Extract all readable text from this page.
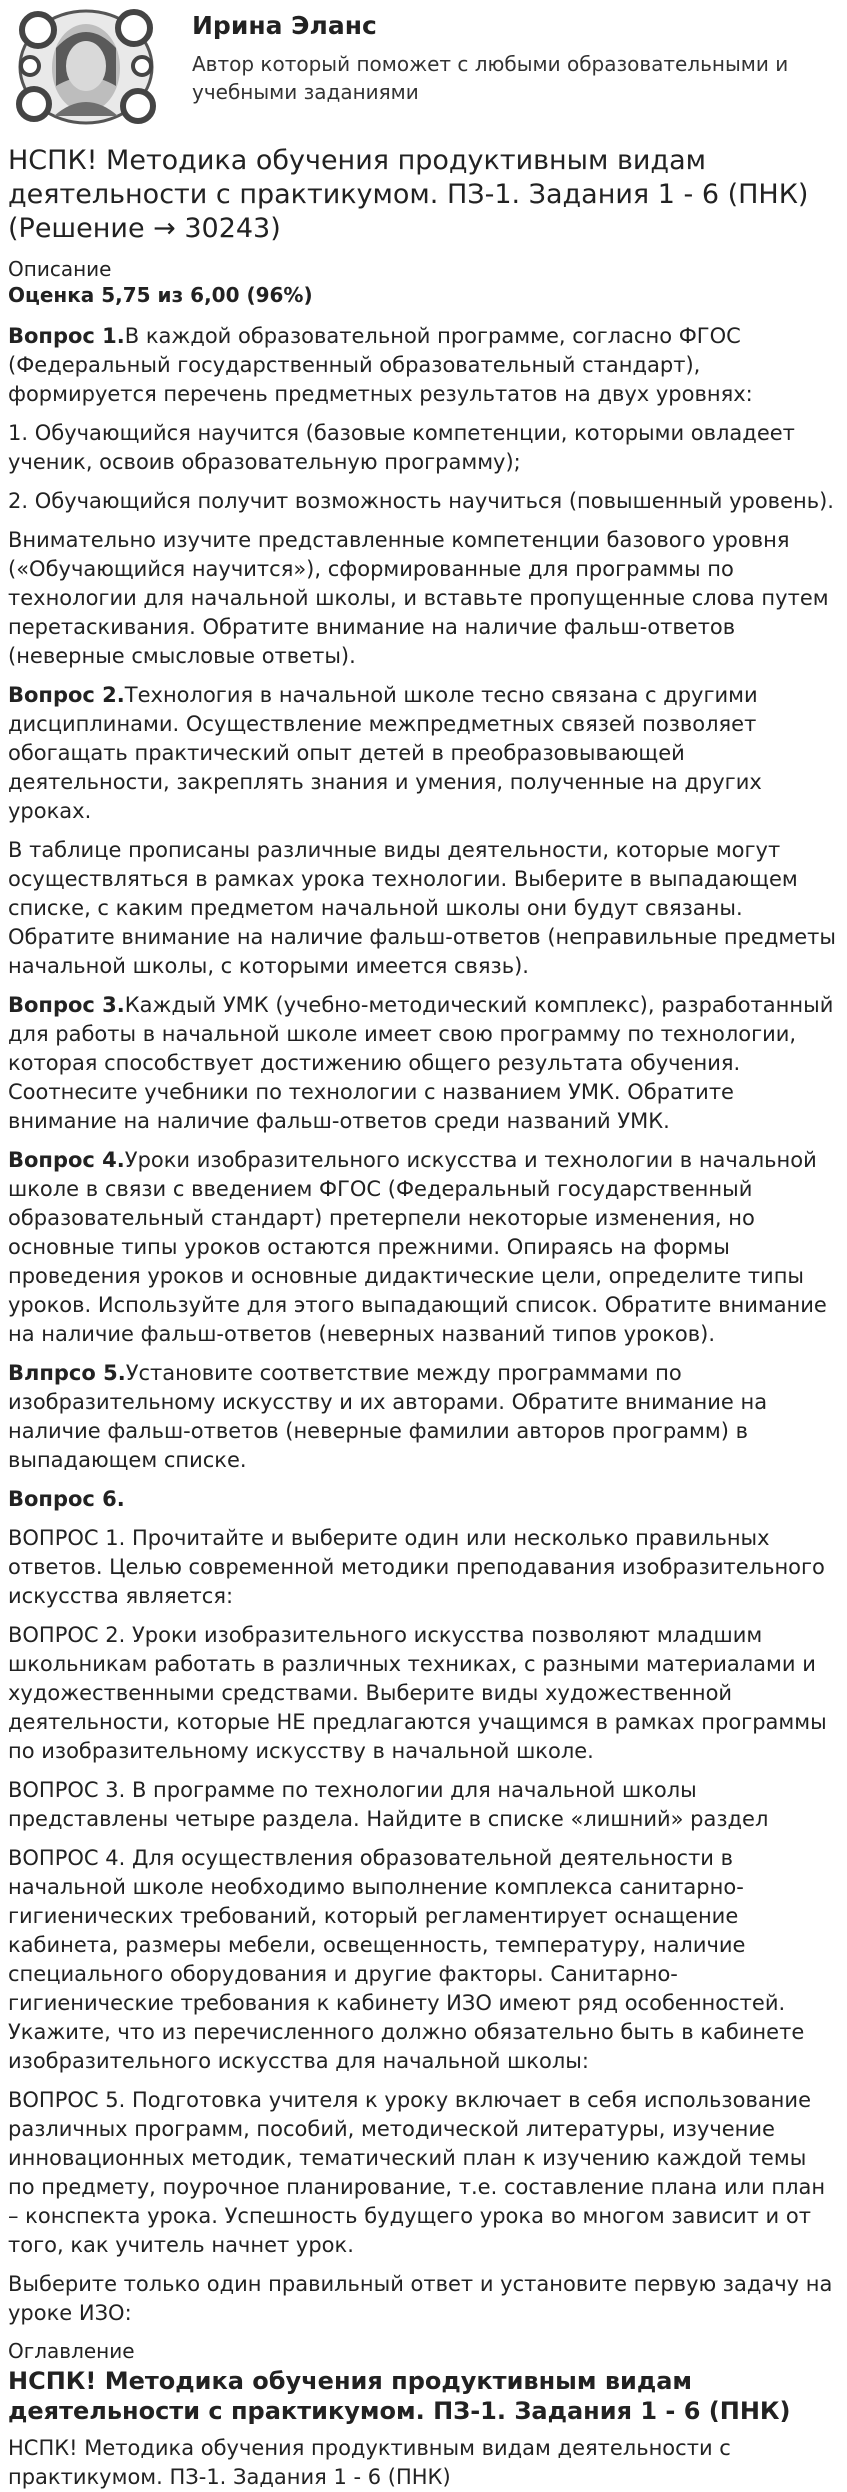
Ирина Эланс
Автор который поможет с любыми образовательными и учебными заданиями
НСПК! Методика обучения продуктивным видам деятельности с практикумом. ПЗ-1. Задания 1 - 6 (ПНК) (Решение → 30243)
Описание
Оценка 5,75 из 6,00 (96%)

Вопрос 1.В каждой образовательной программе, согласно ФГОС (Федеральный государственный образовательный стандарт), формируется перечень предметных результатов на двух уровнях:

1. Обучающийся научится (базовые компетенции, которыми овладеет ученик, освоив образовательную программу);

2. Обучающийся получит возможность научиться (повышенный уровень).

Внимательно изучите представленные компетенции базового уровня («Обучающийся научится»), сформированные для программы по технологии для начальной школы, и вставьте пропущенные слова путем перетаскивания. Обратите внимание на наличие фальш-ответов (неверные смысловые ответы).

Вопрос 2.Технология в начальной школе тесно связана с другими дисциплинами. Осуществление межпредметных связей позволяет обогащать практический опыт детей в преобразовывающей деятельности, закреплять знания и умения, полученные на других уроках.

В таблице прописаны различные виды деятельности, которые могут осуществляться в рамках урока технологии. Выберите в выпадающем списке, с каким предметом начальной школы они будут связаны. Обратите внимание на наличие фальш-ответов (неправильные предметы начальной школы, с которыми имеется связь).

Вопрос 3.Каждый УМК (учебно-методический комплекс), разработанный для работы в начальной школе имеет свою программу по технологии, которая способствует достижению общего результата обучения. Соотнесите учебники по технологии с названием УМК. Обратите внимание на наличие фальш-ответов среди названий УМК.

Вопрос 4.Уроки изобразительного искусства и технологии в начальной школе в связи с введением ФГОС (Федеральный государственный образовательный стандарт) претерпели некоторые изменения, но основные типы уроков остаются прежними. Опираясь на формы проведения уроков и основные дидактические цели, определите типы уроков. Используйте для этого выпадающий список. Обратите внимание на наличие фальш-ответов (неверных названий типов уроков).

Влпрсо 5.Установите соответствие между программами по изобразительному искусству и их авторами. Обратите внимание на наличие фальш-ответов (неверные фамилии авторов программ) в выпадающем списке.

Вопрос 6.

ВОПРОС 1. Прочитайте и выберите один или несколько правильных ответов. Целью современной методики преподавания изобразительного искусства является:

ВОПРОС 2. Уроки изобразительного искусства позволяют младшим школьникам работать в различных техниках, с разными материалами и художественными средствами. Выберите виды художественной деятельности, которые НЕ предлагаются учащимся в рамках программы по изобразительному искусству в начальной школе.

ВОПРОС 3. В программе по технологии для начальной школы представлены четыре раздела. Найдите в списке «лишний» раздел

ВОПРОС 4. Для осуществления образовательной деятельности в начальной школе необходимо выполнение комплекса санитарно-гигиенических требований, который регламентирует оснащение кабинета, размеры мебели, освещенность, температуру, наличие специального оборудования и другие факторы. Санитарно-гигиенические требования к кабинету ИЗО имеют ряд особенностей. Укажите, что из перечисленного должно обязательно быть в кабинете изобразительного искусства для начальной школы:

ВОПРОС 5. Подготовка учителя к уроку включает в себя использование различных программ, пособий, методической литературы, изучение инновационных методик, тематический план к изучению каждой темы по предмету, поурочное планирование, т.е. составление плана или план – конспекта урока. Успешность будущего урока во многом зависит и от того, как учитель начнет урок.

Выберите только один правильный ответ и установите первую задачу на уроке ИЗО:

Оглавление
НСПК! Методика обучения продуктивным видам деятельности с практикумом. ПЗ-1. Задания 1 - 6 (ПНК)
НСПК! Методика обучения продуктивным видам деятельности с практикумом. ПЗ-1. Задания 1 - 6 (ПНК)
